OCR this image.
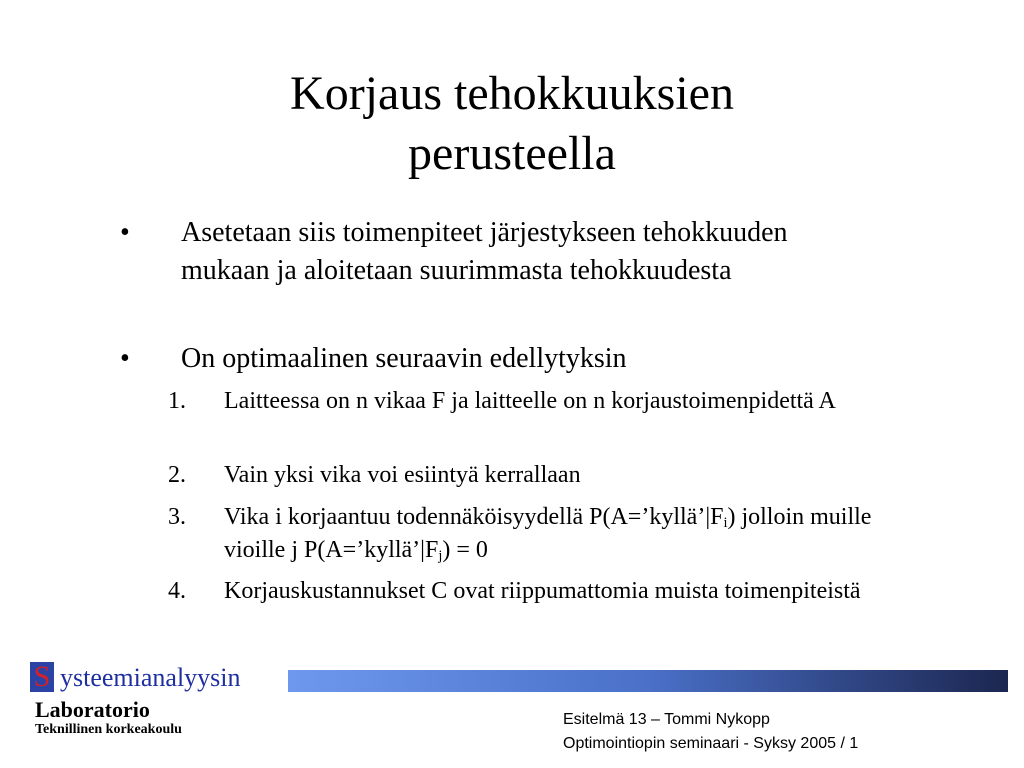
Korjaus tehokkuuksien
perusteella
• Asetetaan siis toimenpiteet järjestykseen tehokkuuden mukaan ja aloitetaan suurimmasta tehokkuudesta
• On optimaalinen seuraavin edellytyksin
1. Laitteessa on n vikaa F ja laitteelle on n korjaustoimenpidettä A
2. Vain yksi vika voi esiintyä kerrallaan
3. Vika i korjaantuu todennäköisyydellä $P(A=’kyllä’|F_i)$ jolloin muille vioille j $P(A=’kyllä’|F_j) = 0$
4. Korjauskustannukset C ovat riippumattomia muista toimenpiteistä
S ysteemianalyysin
Laboratorio
Teknillinen korkeakoulu
Esitelmä 13 – Tommi Nykopp
Optimointiopin seminaari - Syksy 2005 / 1
